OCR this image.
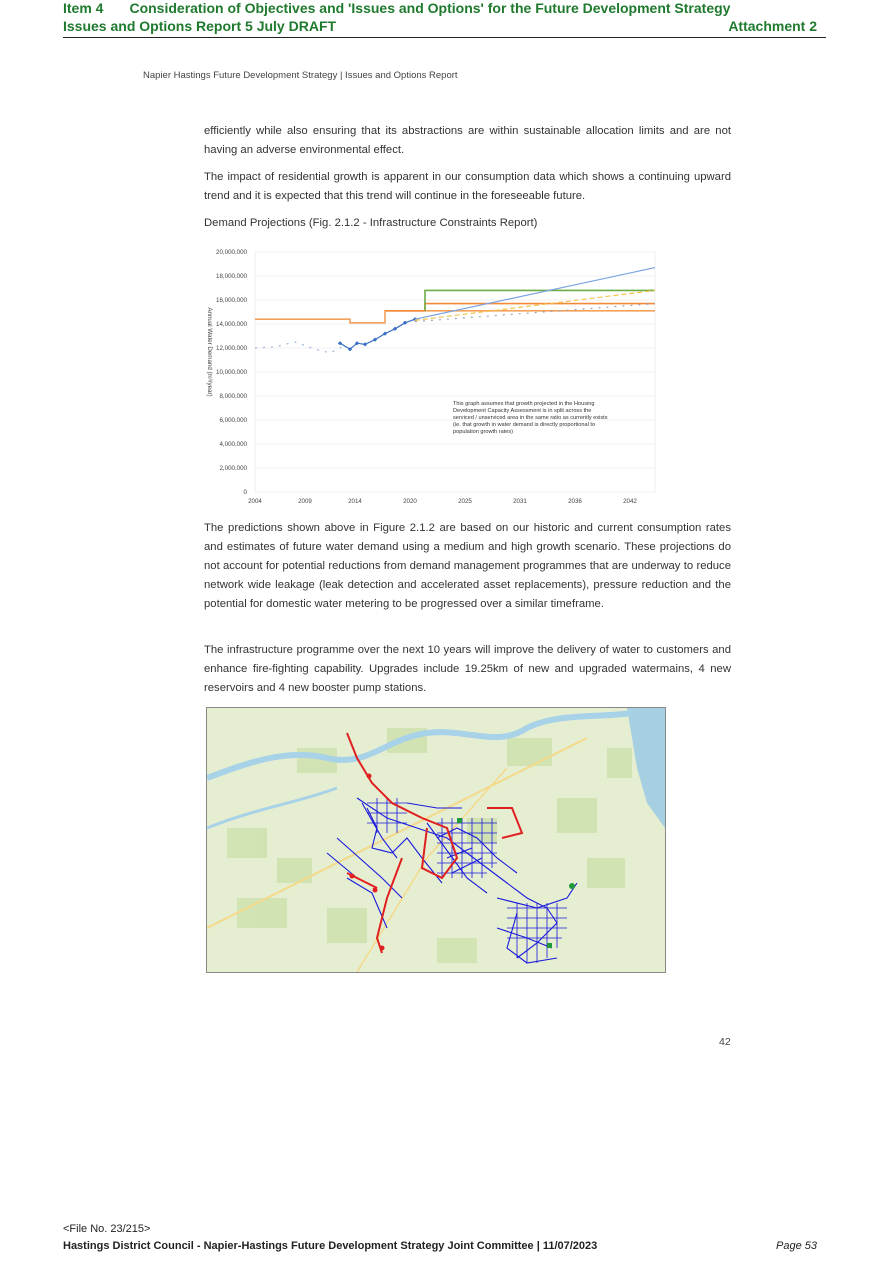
Item 4 Consideration of Objectives and 'Issues and Options' for the Future Development Strategy
Issues and Options Report 5 July DRAFT	Attachment 2
Napier Hastings Future Development Strategy | Issues and Options Report
efficiently while also ensuring that its abstractions are within sustainable allocation limits and are not having an adverse environmental effect.
The impact of residential growth is apparent in our consumption data which shows a continuing upward trend and it is expected that this trend will continue in the foreseeable future.
Demand Projections (Fig. 2.1.2 - Infrastructure Constraints Report)
0
2,000,000
4,000,000
6,000,000
8,000,000
10,000,000
12,000,000
14,000,000
16,000,000
18,000,000
20,000,000
2004	2009	2014	2020	2025	2031	2036	2042
Annual Water Demand (m³/year)
This graph assumes that growth projected in the Housing Development Capacity Assessment is in split across the serviced / unserviced area in the same ratio as currently exists (ie. that growth in water demand is directly proportional to population growth rates)
The predictions shown above in Figure 2.1.2 are based on our historic and current consumption rates and estimates of future water demand using a medium and high growth scenario. These projections do not account for potential reductions from demand management programmes that are underway to reduce network wide leakage (leak detection and accelerated asset replacements), pressure reduction and the potential for domestic water metering to be progressed over a similar timeframe.
The infrastructure programme over the next 10 years will improve the delivery of water to customers and enhance fire-fighting capability. Upgrades include 19.25km of new and upgraded watermains, 4 new reservoirs and 4 new booster pump stations.
42
<File No. 23/215>
Hastings District Council - Napier-Hastings Future Development Strategy Joint Committee | 11/07/2023	Page 53
